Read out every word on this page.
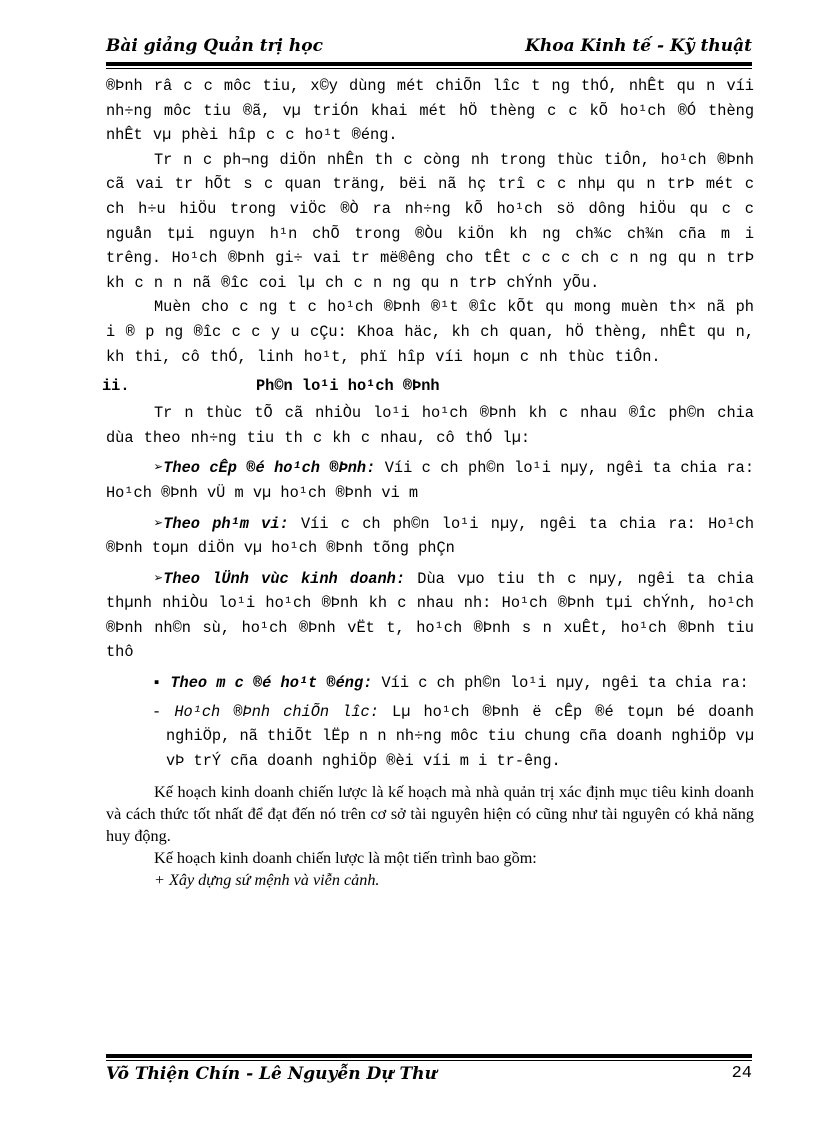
Bài giảng Quản trị học	Khoa Kinh tế - Kỹ thuật

®Þnh râ c c môc tiu, x©y dùng mét chiÕn lîc t ng thÓ, nhÊt qu n víi nh÷ng môc tiu ®ã, vµ triÓn khai mét hÖ thèng c c kÕ ho¹ch ®Ó thèng nhÊt vµ phèi hîp c c ho¹t ®éng.

Tr n c ph¬ng diÖn nhÊn th c còng nh trong thùc tiÔn, ho¹ch ®Þnh cã vai tr hÕt s c quan träng, bëi nã hç trî c c nhµ qu n trÞ mét c ch h÷u hiÖu trong viÖc ®Ò ra nh÷ng kÕ ho¹ch sö dông hiÖu qu c c nguån tµi nguyn h¹n chÕ trong ®Òu kiÖn kh ng ch¾c ch¾n cña m i trêng. Ho¹ch ®Þnh gi÷ vai tr më®êng cho tÊt c c c ch c n ng qu n trÞ kh c n n nã ®îc coi lµ ch c n ng qu n trÞ chÝnh yÕu.

Muèn cho c ng t c ho¹ch ®Þnh ®¹t ®îc kÕt qu mong muèn th× nã ph i ® p ng ®îc c c y u cÇu: Khoa häc, kh ch quan, hÖ thèng, nhÊt qu n, kh thi, cô thÓ, linh ho¹t, phï hîp víi hoµn c nh thùc tiÔn.

ii.	Ph©n lo¹i ho¹ch ®Þnh

Tr n thùc tÕ cã nhiÒu lo¹i ho¹ch ®Þnh kh c nhau ®îc ph©n chia dùa theo nh÷ng tiu th c kh c nhau, cô thÓ lµ:

➢Theo cÊp ®é ho¹ch ®Þnh: Víi c ch ph©n lo¹i nµy, ngêi ta chia ra: Ho¹ch ®Þnh vÜ m vµ ho¹ch ®Þnh vi m

➢Theo ph¹m vi: Víi c ch ph©n lo¹i nµy, ngêi ta chia ra: Ho¹ch ®Þnh toµn diÖn vµ ho¹ch ®Þnh tõng phÇn

➢Theo lÜnh vùc kinh doanh: Dùa vµo tiu th c nµy, ngêi ta chia thµnh nhiÒu lo¹i ho¹ch ®Þnh kh c nhau nh: Ho¹ch ®Þnh tµi chÝnh, ho¹ch ®Þnh nh©n sù, ho¹ch ®Þnh vËt t, ho¹ch ®Þnh s n xuÊt, ho¹ch ®Þnh tiu thô

▪ Theo m c ®é ho¹t ®éng: Víi c ch ph©n lo¹i nµy, ngêi ta chia ra:

- Ho¹ch ®Þnh chiÕn lîc: Lµ ho¹ch ®Þnh ë cÊp ®é toµn bé doanh nghiÖp, nã thiÕt lËp n n nh÷ng môc tiu chung cña doanh nghiÖp vµ vÞ trÝ cña doanh nghiÖp ®èi víi m i tr-êng.

Kế hoạch kinh doanh chiến lược là kế hoạch mà nhà quản trị xác định mục tiêu kinh doanh và cách thức tốt nhất để đạt đến nó trên cơ sở tài nguyên hiện có cũng như tài nguyên có khả năng huy động.

Kế hoạch kinh doanh chiến lược là một tiến trình bao gồm:

+ Xây dựng sứ mệnh và viễn cảnh.

Võ Thiện Chín - Lê Nguyễn Dự Thư	24
